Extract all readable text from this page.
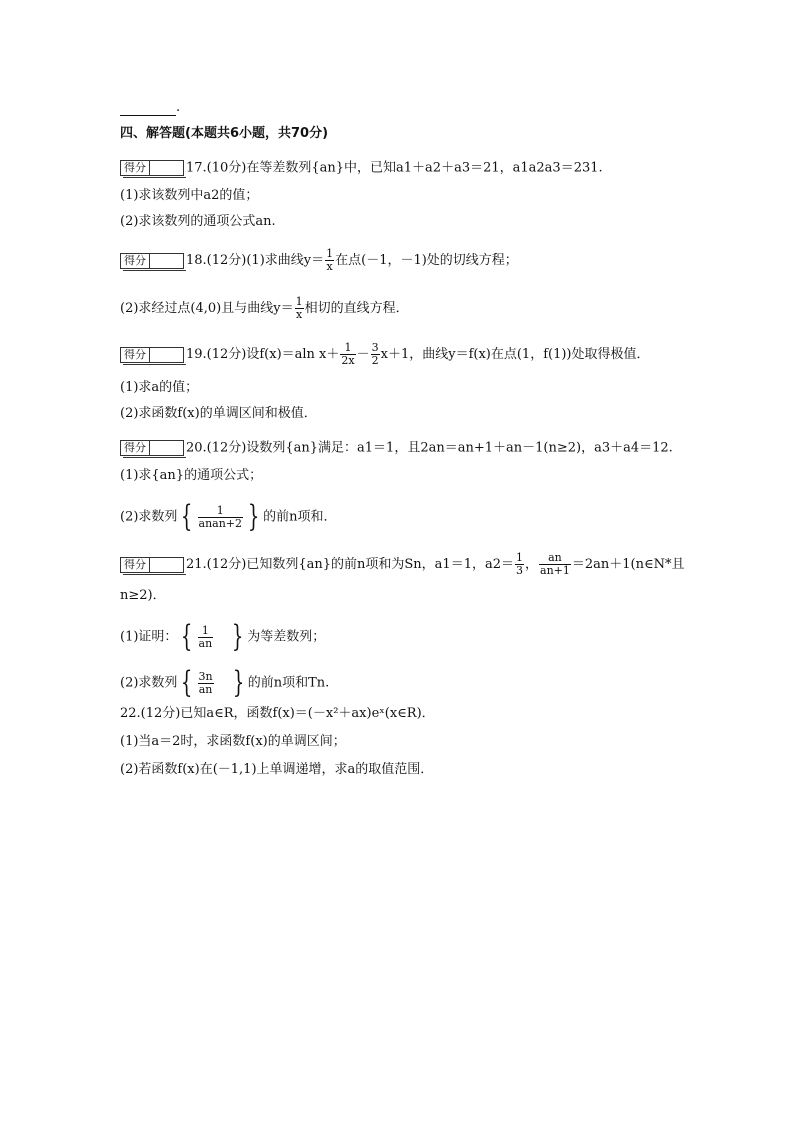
.
四、解答题(本题共6小题，共70分)
得分	17.(10分)在等差数列{an}中，已知a1＋a2＋a3＝21，a1a2a3＝231.
(1)求该数列中a2的值；
(2)求该数列的通项公式an.
得分	18.(12分)(1)求曲线$y= \frac{1}{x}$ 在点(－1，－1)处的切线方程；
(2)求经过点(4,0)且与曲线$y= \frac{1}{x}$ 相切的直线方程．
得分	19.(12分)设f(x)＝aln $x+ \frac{1}{2x} - \frac{3}{2} x+1$，曲线y＝f(x)在点(1，f(1))处取得极值．
(1)求a的值；
(2)求函数f(x)的单调区间和极值．
得分	20.(12分)设数列{an}满足：a1＝1，且2an＝an+1＋an－1(n≥2)，a3＋a4＝12.
(1)求{an}的通项公式；
(2)求数列 { $\frac{1}{\text{anan+2}}$ } 的前n项和．
得分	21.(12分)已知数列{an}的前n项和为Sn，a1＝1，$a2= \frac{1}{3}$ ， $\frac{an}{an+1}$ ＝2an＋1(n∈N*且
n≥2)．
(1)证明： { $\frac{1}{an}$ } 为等差数列；
(2)求数列 { $\frac{3n}{an}$ } 的前n项和Tn.
22.(12分)已知a∈R，函数f(x)＝(－x²＋ax)eˣ(x∈R)．
(1)当a＝2时，求函数f(x)的单调区间；
(2)若函数f(x)在(－1,1)上单调递增，求a的取值范围．
